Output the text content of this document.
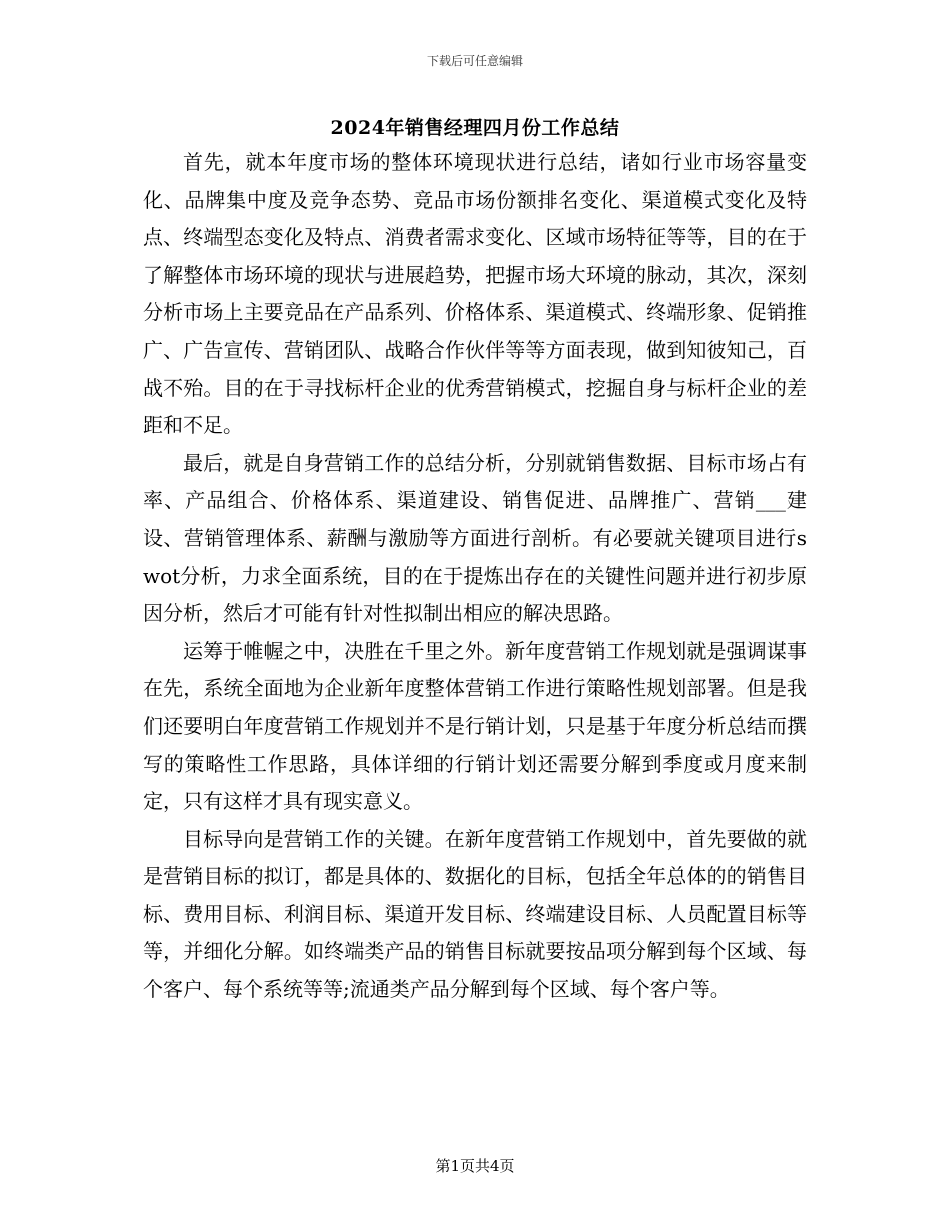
下载后可任意编辑
2024年销售经理四月份工作总结

首先，就本年度市场的整体环境现状进行总结，诸如行业市场容量变化、品牌集中度及竞争态势、竞品市场份额排名变化、渠道模式变化及特点、终端型态变化及特点、消费者需求变化、区域市场特征等等，目的在于了解整体市场环境的现状与进展趋势，把握市场大环境的脉动，其次，深刻分析市场上主要竞品在产品系列、价格体系、渠道模式、终端形象、促销推广、广告宣传、营销团队、战略合作伙伴等等方面表现，做到知彼知己，百战不殆。目的在于寻找标杆企业的优秀营销模式，挖掘自身与标杆企业的差距和不足。

最后，就是自身营销工作的总结分析，分别就销售数据、目标市场占有率、产品组合、价格体系、渠道建设、销售促进、品牌推广、营销___建设、营销管理体系、薪酬与激励等方面进行剖析。有必要就关键项目进行swot分析，力求全面系统，目的在于提炼出存在的关键性问题并进行初步原因分析，然后才可能有针对性拟制出相应的解决思路。

运筹于帷幄之中，决胜在千里之外。新年度营销工作规划就是强调谋事在先，系统全面地为企业新年度整体营销工作进行策略性规划部署。但是我们还要明白年度营销工作规划并不是行销计划，只是基于年度分析总结而撰写的策略性工作思路，具体详细的行销计划还需要分解到季度或月度来制定，只有这样才具有现实意义。

目标导向是营销工作的关键。在新年度营销工作规划中，首先要做的就是营销目标的拟订，都是具体的、数据化的目标，包括全年总体的的销售目标、费用目标、利润目标、渠道开发目标、终端建设目标、人员配置目标等等，并细化分解。如终端类产品的销售目标就要按品项分解到每个区域、每个客户、每个系统等等;流通类产品分解到每个区域、每个客户等。

第1页共4页
